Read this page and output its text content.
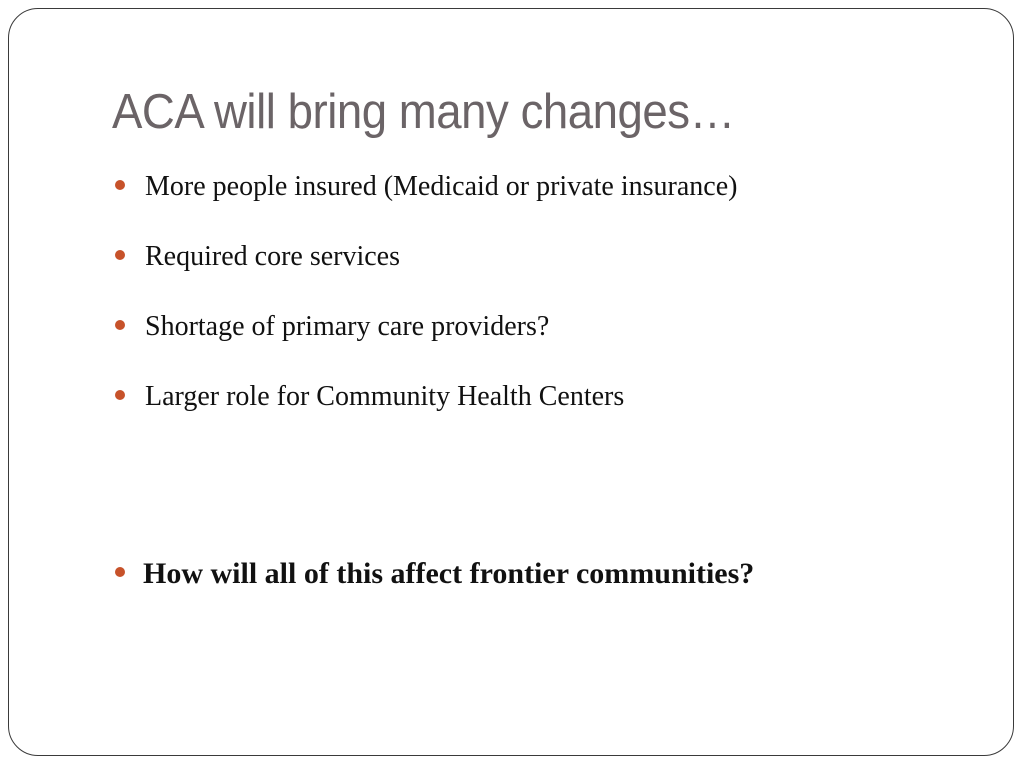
ACA will bring many changes…
More people insured (Medicaid or private insurance)
Required core services
Shortage of primary care providers?
Larger role for Community Health Centers
How will all of this affect frontier communities?
